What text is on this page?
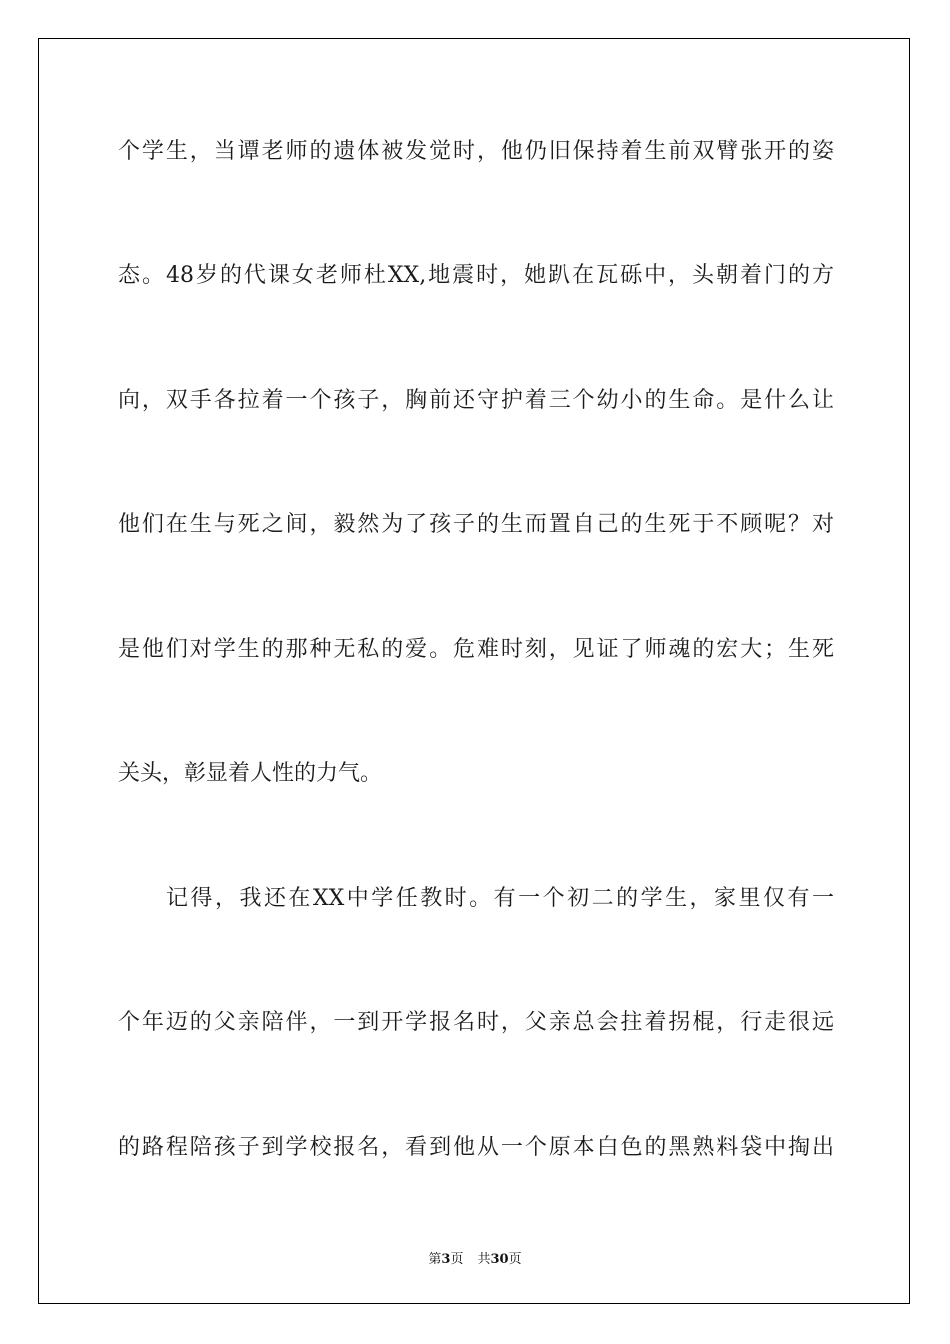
个学生，当谭老师的遗体被发觉时，他仍旧保持着生前双臂张开的姿
态。48岁的代课女老师杜XX,地震时，她趴在瓦砾中，头朝着门的方
向，双手各拉着一个孩子，胸前还守护着三个幼小的生命。是什么让
他们在生与死之间，毅然为了孩子的生而置自己的生死于不顾呢？对
是他们对学生的那种无私的爱。危难时刻，见证了师魂的宏大；生死
关头，彰显着人性的力气。
记得，我还在XX中学任教时。有一个初二的学生，家里仅有一
个年迈的父亲陪伴，一到开学报名时，父亲总会拄着拐棍，行走很远
的路程陪孩子到学校报名，看到他从一个原本白色的黑熟料袋中掏出
第3页 共30页
